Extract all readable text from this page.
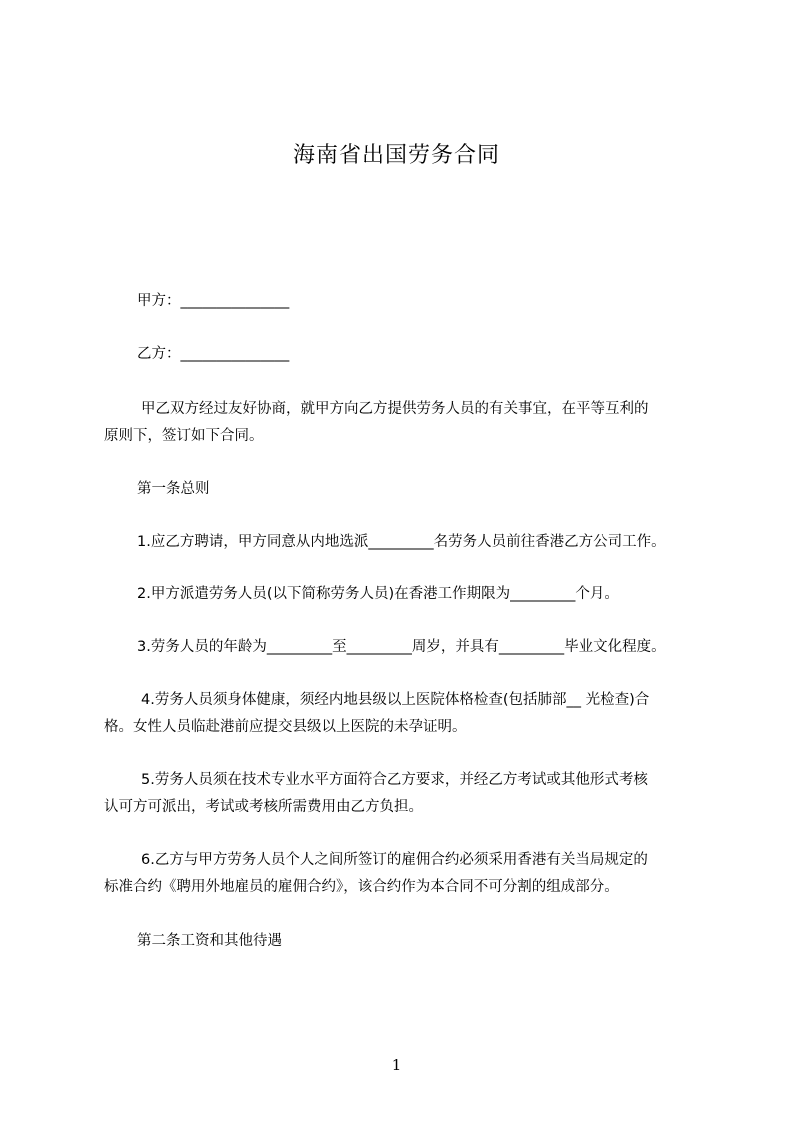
海南省出国劳务合同
甲方：_______________
乙方：_______________
甲乙双方经过友好协商，就甲方向乙方提供劳务人员的有关事宜，在平等互利的
原则下，签订如下合同。
第一条总则
1.应乙方聘请，甲方同意从内地选派_________名劳务人员前往香港乙方公司工作。
2.甲方派遣劳务人员(以下简称劳务人员)在香港工作期限为_________个月。
3.劳务人员的年龄为_________至_________周岁，并具有_________毕业文化程度。
4.劳务人员须身体健康，须经内地县级以上医院体格检查(包括肺部__ 光检查)合
格。女性人员临赴港前应提交县级以上医院的未孕证明。
5.劳务人员须在技术专业水平方面符合乙方要求，并经乙方考试或其他形式考核
认可方可派出，考试或考核所需费用由乙方负担。
6.乙方与甲方劳务人员个人之间所签订的雇佣合约必须采用香港有关当局规定的
标准合约《聘用外地雇员的雇佣合约》，该合约作为本合同不可分割的组成部分。
第二条工资和其他待遇
1
